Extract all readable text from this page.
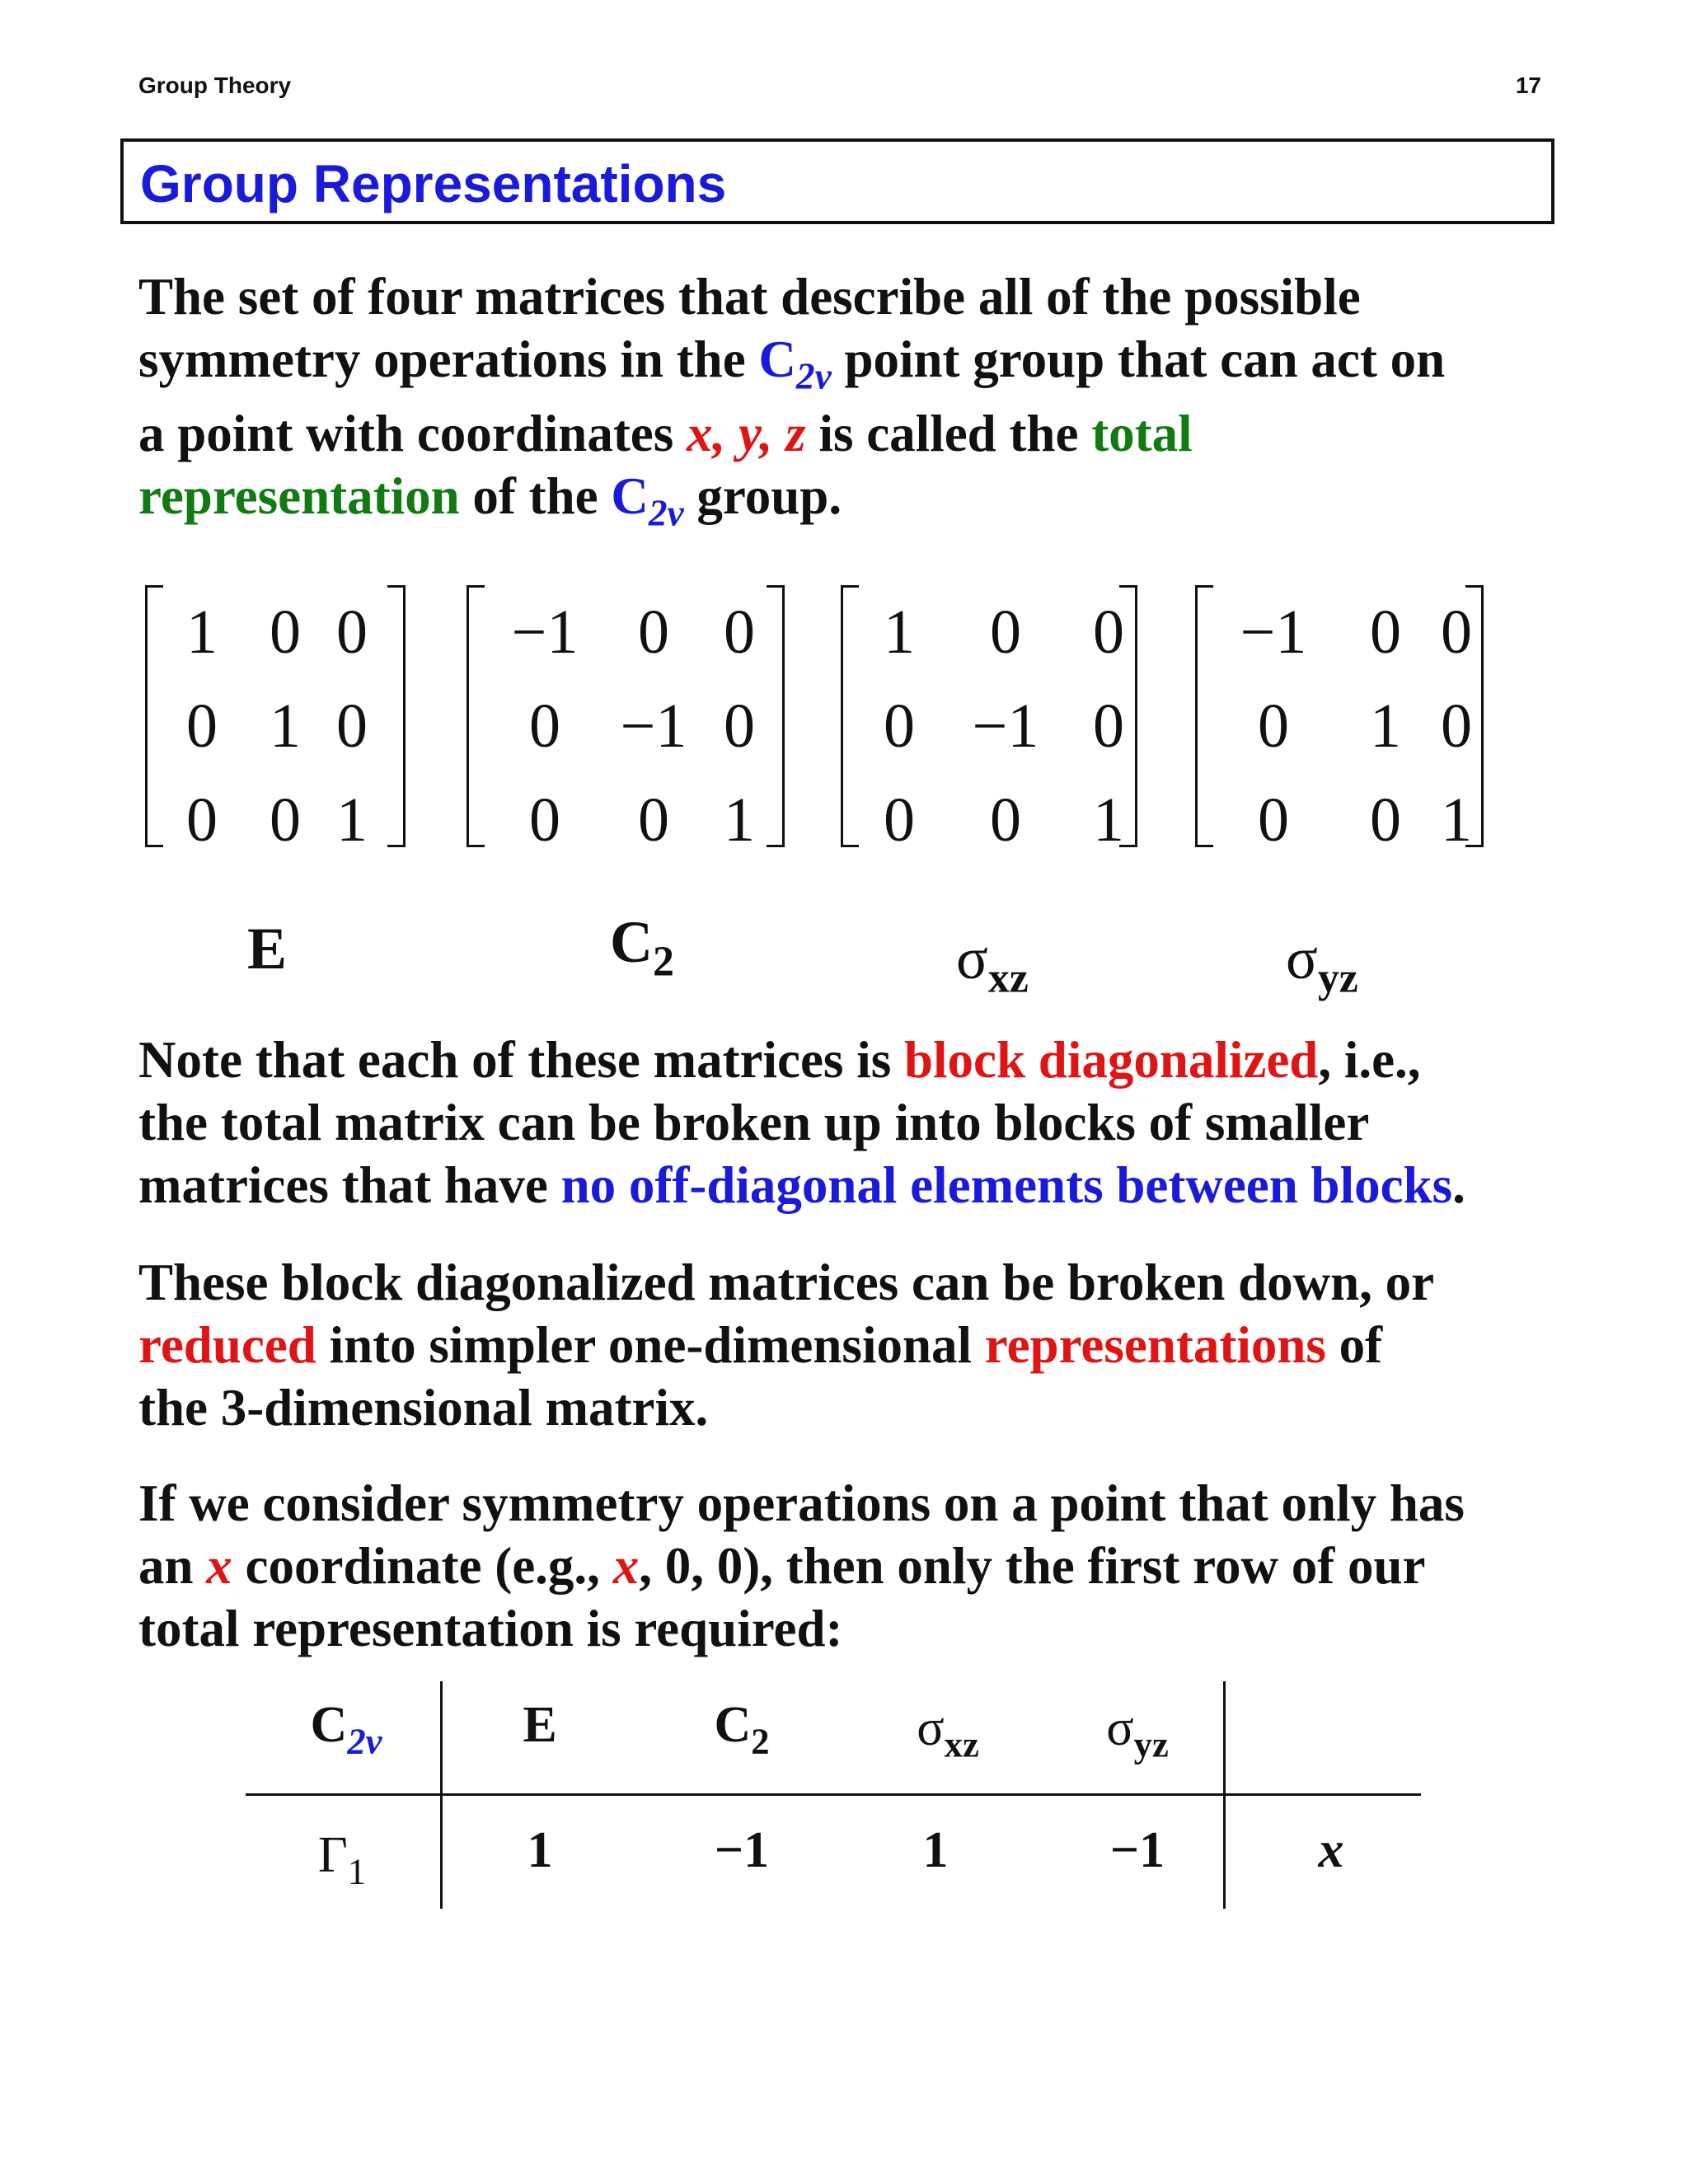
Group Theory	17
Group Representations

The set of four matrices that describe all of the possible

symmetry operations in the $C_{2v}$ point group that can act on

a point with coordinates x, y, z is called the total

representation of the $C_{2v}$ group.

1 0 0
0 1 0
0 0 1
E
−1 0 0
0 −1 0
0	0 1
$C_2$
1	0	0
0 −1 0
0	0	1
$\sigma_{xz}$
−1	0 0
0	1 0
0	0 1
$\sigma_{yz}$

Note that each of these matrices is block diagonalized, i.e.,

the total matrix can be broken up into blocks of smaller

matrices that have no off-diagonal elements between blocks.

These block diagonalized matrices can be broken down, or

reduced into simpler one-dimensional representations of

the 3-dimensional matrix.

If we consider symmetry operations on a point that only has

an x coordinate (e.g., x, 0, 0), then only the first row of our

total representation is required:

$C_{2v}$	E	$C_2$	$\sigma_{xz}$	$\sigma_{yz}$
$\Gamma_1$	1	−1	1	−1	x
